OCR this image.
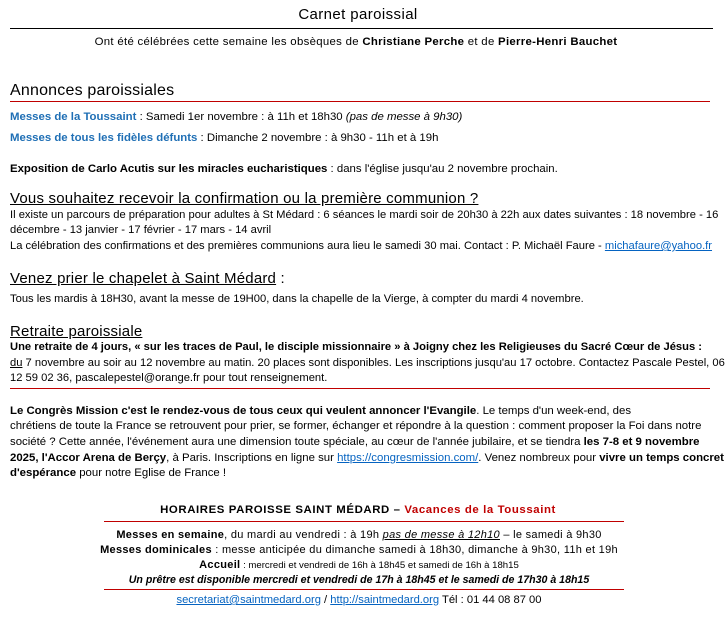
Carnet paroissial
Ont été célébrées cette semaine les obsèques de Christiane Perche et de Pierre-Henri Bauchet
Annonces paroissiales
Messes de la Toussaint : Samedi 1er novembre : à 11h et 18h30 (pas de messe à 9h30)
Messes de tous les fidèles défunts : Dimanche 2 novembre : à 9h30 - 11h et à 19h
Exposition de Carlo Acutis sur les miracles eucharistiques : dans l'église jusqu'au 2 novembre prochain.
Vous souhaitez recevoir la confirmation ou la première communion ?
Il existe un parcours de préparation pour adultes à St Médard : 6 séances le mardi soir de 20h30 à 22h aux dates suivantes : 18 novembre - 16
décembre - 13 janvier - 17 février - 17 mars - 14 avril
La célébration des confirmations et des premières communions aura lieu le samedi 30 mai. Contact : P. Michaël Faure - michafaure@yahoo.fr
Venez prier le chapelet à Saint Médard :
Tous les mardis à 18H30, avant la messe de 19H00, dans la chapelle de la Vierge, à compter du mardi 4 novembre.
Retraite paroissiale
Une retraite de 4 jours, « sur les traces de Paul, le disciple missionnaire » à Joigny chez les Religieuses du Sacré Cœur de Jésus :
du 7 novembre au soir au 12 novembre au matin. 20 places sont disponibles. Les inscriptions jusqu'au 17 octobre. Contactez Pascale Pestel, 06
12 59 02 36, pascalepestel@orange.fr pour tout renseignement.
Le Congrès Mission c'est le rendez-vous de tous ceux qui veulent annoncer l'Evangile. Le temps d'un week-end, des
chrétiens de toute la France se retrouvent pour prier, se former, échanger et répondre à la question : comment proposer la Foi dans notre
société ? Cette année, l'événement aura une dimension toute spéciale, au cœur de l'année jubilaire, et se tiendra les 7-8 et 9 novembre
2025, l'Accor Arena de Berçy, à Paris. Inscriptions en ligne sur https://congresmission.com/. Venez nombreux pour vivre un temps concret
d'espérance pour notre Eglise de France !
HORAIRES PAROISSE SAINT MÉDARD – Vacances de la Toussaint
Messes en semaine, du mardi au vendredi : à 19h pas de messe à 12h10 – le samedi à 9h30
Messes dominicales : messe anticipée du dimanche samedi à 18h30, dimanche à 9h30, 11h et 19h
Accueil : mercredi et vendredi de 16h à 18h45 et samedi de 16h à 18h15
Un prêtre est disponible mercredi et vendredi de 17h à 18h45 et le samedi de 17h30 à 18h15
secretariat@saintmedard.org / http://saintmedard.org Tél : 01 44 08 87 00
